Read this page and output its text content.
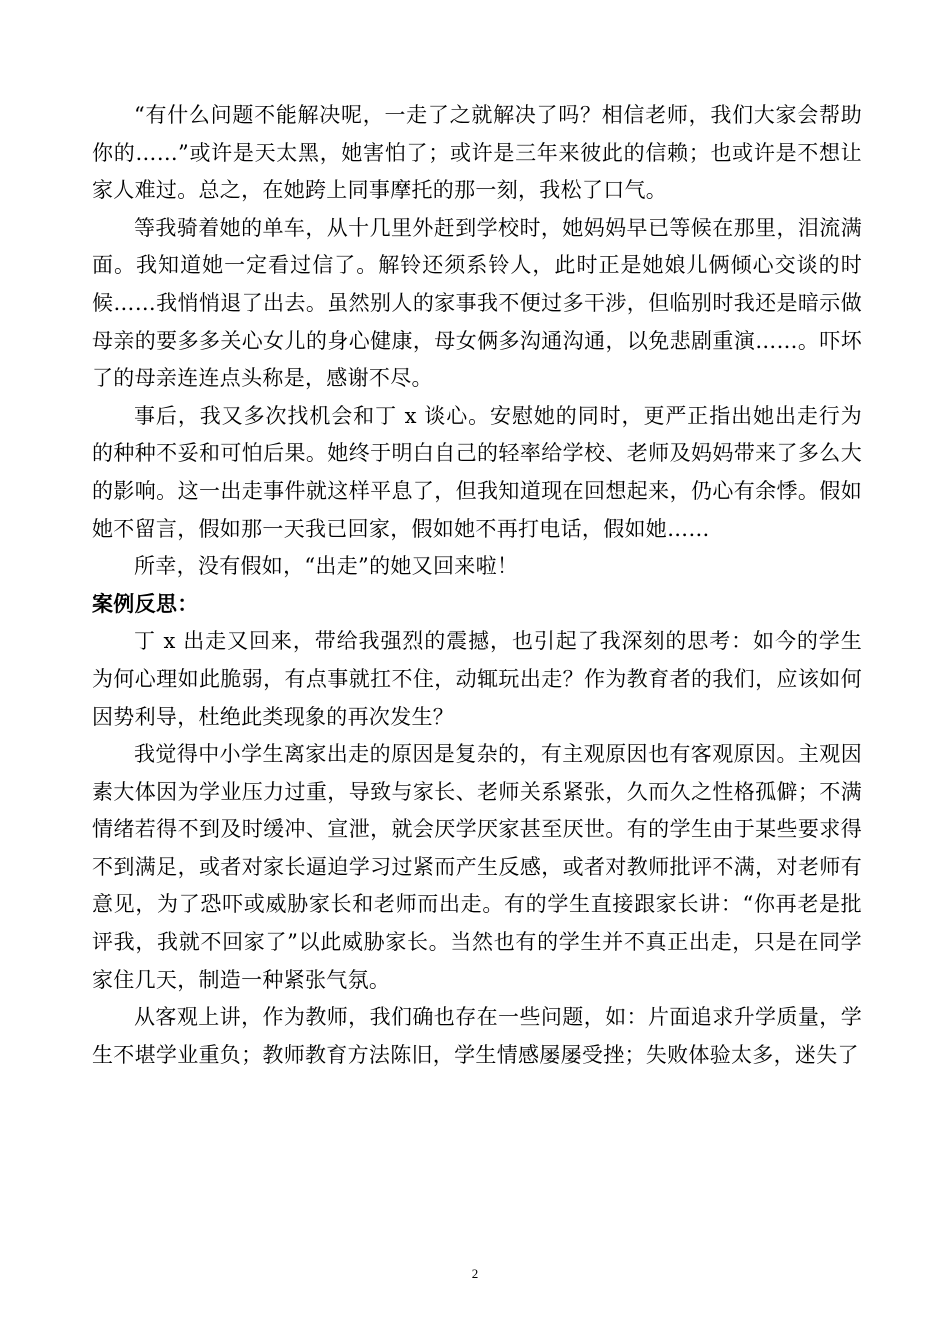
“有什么问题不能解决呢，一走了之就解决了吗？相信老师，我们大家会帮助你的……”或许是天太黑，她害怕了；或许是三年来彼此的信赖；也或许是不想让家人难过。总之，在她跨上同事摩托的那一刻，我松了口气。

等我骑着她的单车，从十几里外赶到学校时，她妈妈早已等候在那里，泪流满面。我知道她一定看过信了。解铃还须系铃人，此时正是她娘儿俩倾心交谈的时候……我悄悄退了出去。虽然别人的家事我不便过多干涉，但临别时我还是暗示做母亲的要多多关心女儿的身心健康，母女俩多沟通沟通，以免悲剧重演……。吓坏了的母亲连连点头称是，感谢不尽。

事后，我又多次找机会和丁 x 谈心。安慰她的同时，更严正指出她出走行为的种种不妥和可怕后果。她终于明白自己的轻率给学校、老师及妈妈带来了多么大的影响。这一出走事件就这样平息了，但我知道现在回想起来，仍心有余悸。假如她不留言，假如那一天我已回家，假如她不再打电话，假如她……

所幸，没有假如，“出走”的她又回来啦！

案例反思：

丁 x 出走又回来，带给我强烈的震撼，也引起了我深刻的思考：如今的学生为何心理如此脆弱，有点事就扛不住，动辄玩出走？作为教育者的我们，应该如何因势利导，杜绝此类现象的再次发生？

我觉得中小学生离家出走的原因是复杂的，有主观原因也有客观原因。主观因素大体因为学业压力过重，导致与家长、老师关系紧张，久而久之性格孤僻；不满情绪若得不到及时缓冲、宣泄，就会厌学厌家甚至厌世。有的学生由于某些要求得不到满足，或者对家长逼迫学习过紧而产生反感，或者对教师批评不满，对老师有意见，为了恐吓或威胁家长和老师而出走。有的学生直接跟家长讲：“你再老是批评我，我就不回家了”以此威胁家长。当然也有的学生并不真正出走，只是在同学家住几天，制造一种紧张气氛。

从客观上讲，作为教师，我们确也存在一些问题，如：片面追求升学质量，学生不堪学业重负；教师教育方法陈旧，学生情感屡屡受挫；失败体验太多，迷失了

2
